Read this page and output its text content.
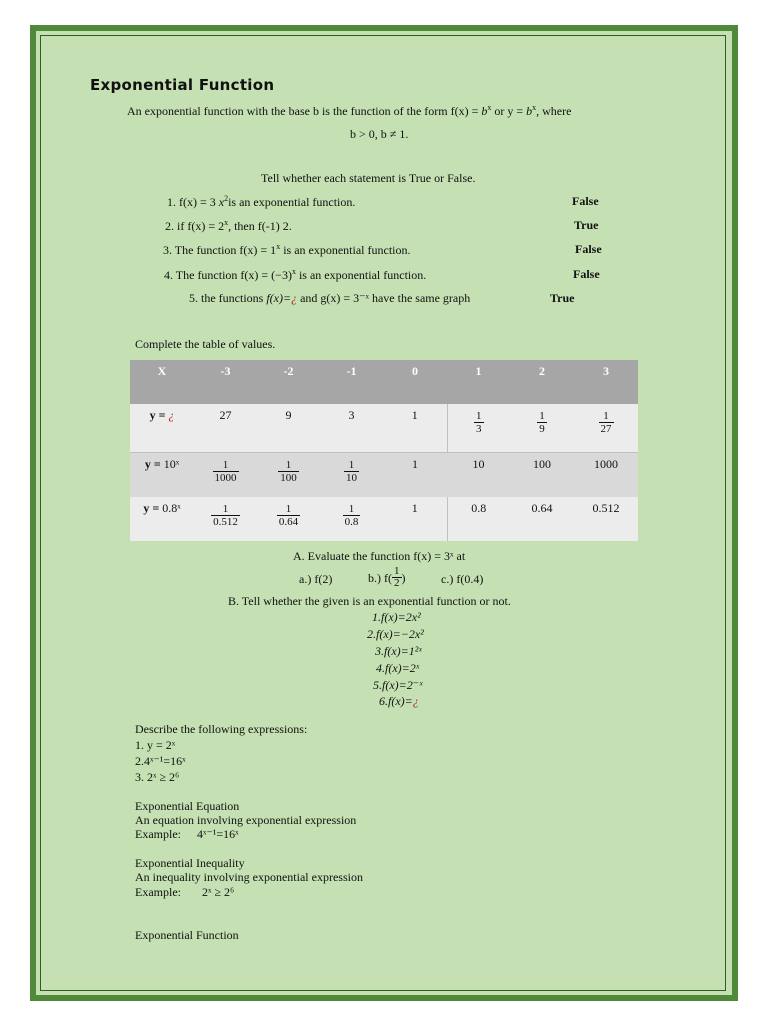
Exponential Function
An exponential function with the base b is the function of the form $f(x) = b^x$ or $y = b^x$, where
b > 0, b ≠ 1.
Tell whether each statement is True or False.
1. f(x) = 3 $x^2is$ an exponential function.	False
2. if $f(x) = 2^x$, then f(-1) 2.	True
3. The function $f(x) = 1^x$ is an exponential function.	False
4. The function $f(x) = (-3)^x$ is an exponential function.	False
5. the functions f(x)=¿ and g(x) = 3⁻ˣ have the same graph	True
Complete the table of values.
X	-3	-2	-1	0	1	2	3
y = ¿	27	9	3	1	$\frac{1}{3}$	$\frac{1}{9}$	$\frac{1}{27}$

y = 10ˣ	$\frac{1}{1000}$	$\frac{1}{100}$	$\frac{1}{10}$	1	10	100	1000
y = 0.8ˣ	$\frac{1}{0.512}$	$\frac{1}{0.64}$	$\frac{1}{0.8}$	1	0.8	0.64	0.512
A. Evaluate the function f(x) = 3ˣ at
a.) f(2)	b.) $f( \frac{1}{2}$ )	c.) f(0.4)
B. Tell whether the given is an exponential function or not.
1.f(x)=2x²
2.f(x)=−2x²
3.f(x)=1²ˣ
4.f(x)=2ˣ
5.f(x)=2⁻ˣ
6.f(x)=¿
Describe the following expressions:
1. y = 2ˣ
2.4ˣ⁻¹=16ˣ
3. 2ˣ ≥ 2⁶
Exponential Equation
An equation involving exponential expression
Example: 4ˣ⁻¹=16ˣ
Exponential Inequality
An inequality involving exponential expression
Example: 2ˣ ≥ 2⁶
Exponential Function
